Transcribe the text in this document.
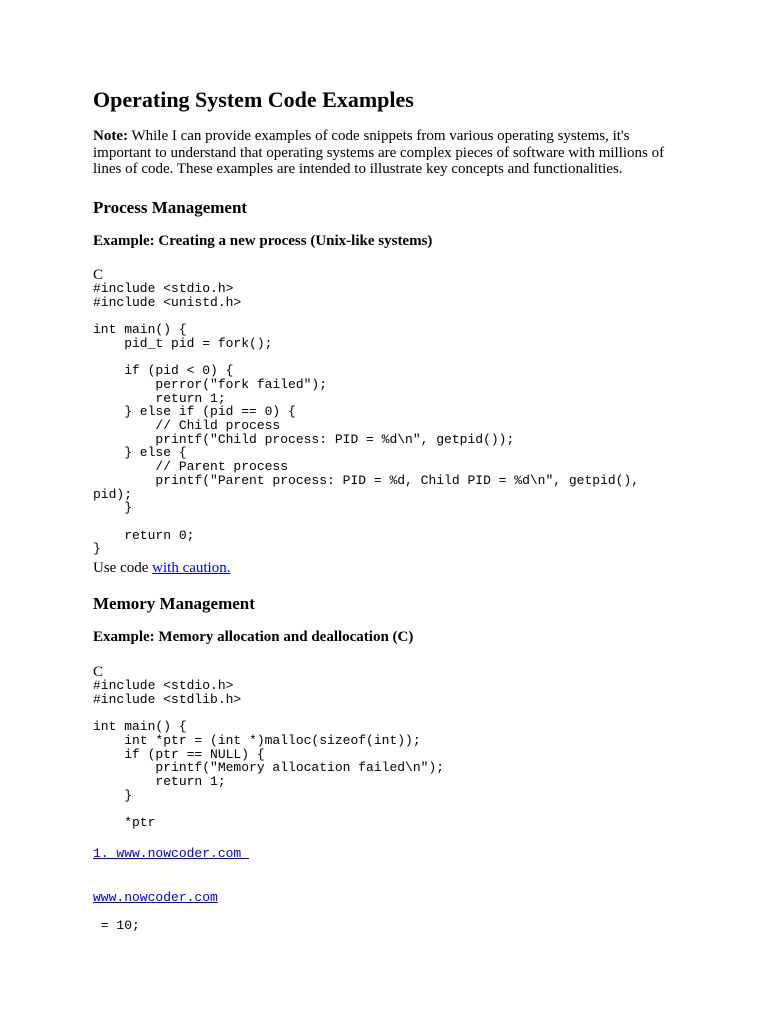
Operating System Code Examples

Note: While I can provide examples of code snippets from various operating systems, it's important to understand that operating systems are complex pieces of software with millions of lines of code. These examples are intended to illustrate key concepts and functionalities.

Process Management
Example: Creating a new process (Unix-like systems)
C
#include <stdio.h>
#include <unistd.h>

int main() {
pid_t pid = fork();

if (pid < 0) {
perror("fork failed");
return 1;
} else if (pid == 0) {
// Child process
printf("Child process: PID = %d\n", getpid());
} else {
// Parent process
printf("Parent process: PID = %d, Child PID = %d\n", getpid(),
pid);
}

return 0;
}
Use code with caution.
Memory Management
Example: Memory allocation and deallocation (C)
C
#include <stdio.h>
#include <stdlib.h>

int main() {
int *ptr = (int *)malloc(sizeof(int));
if (ptr == NULL) {
printf("Memory allocation failed\n");
return 1;
}

*ptr
1. www.nowcoder.com
www.nowcoder.com
= 10;
